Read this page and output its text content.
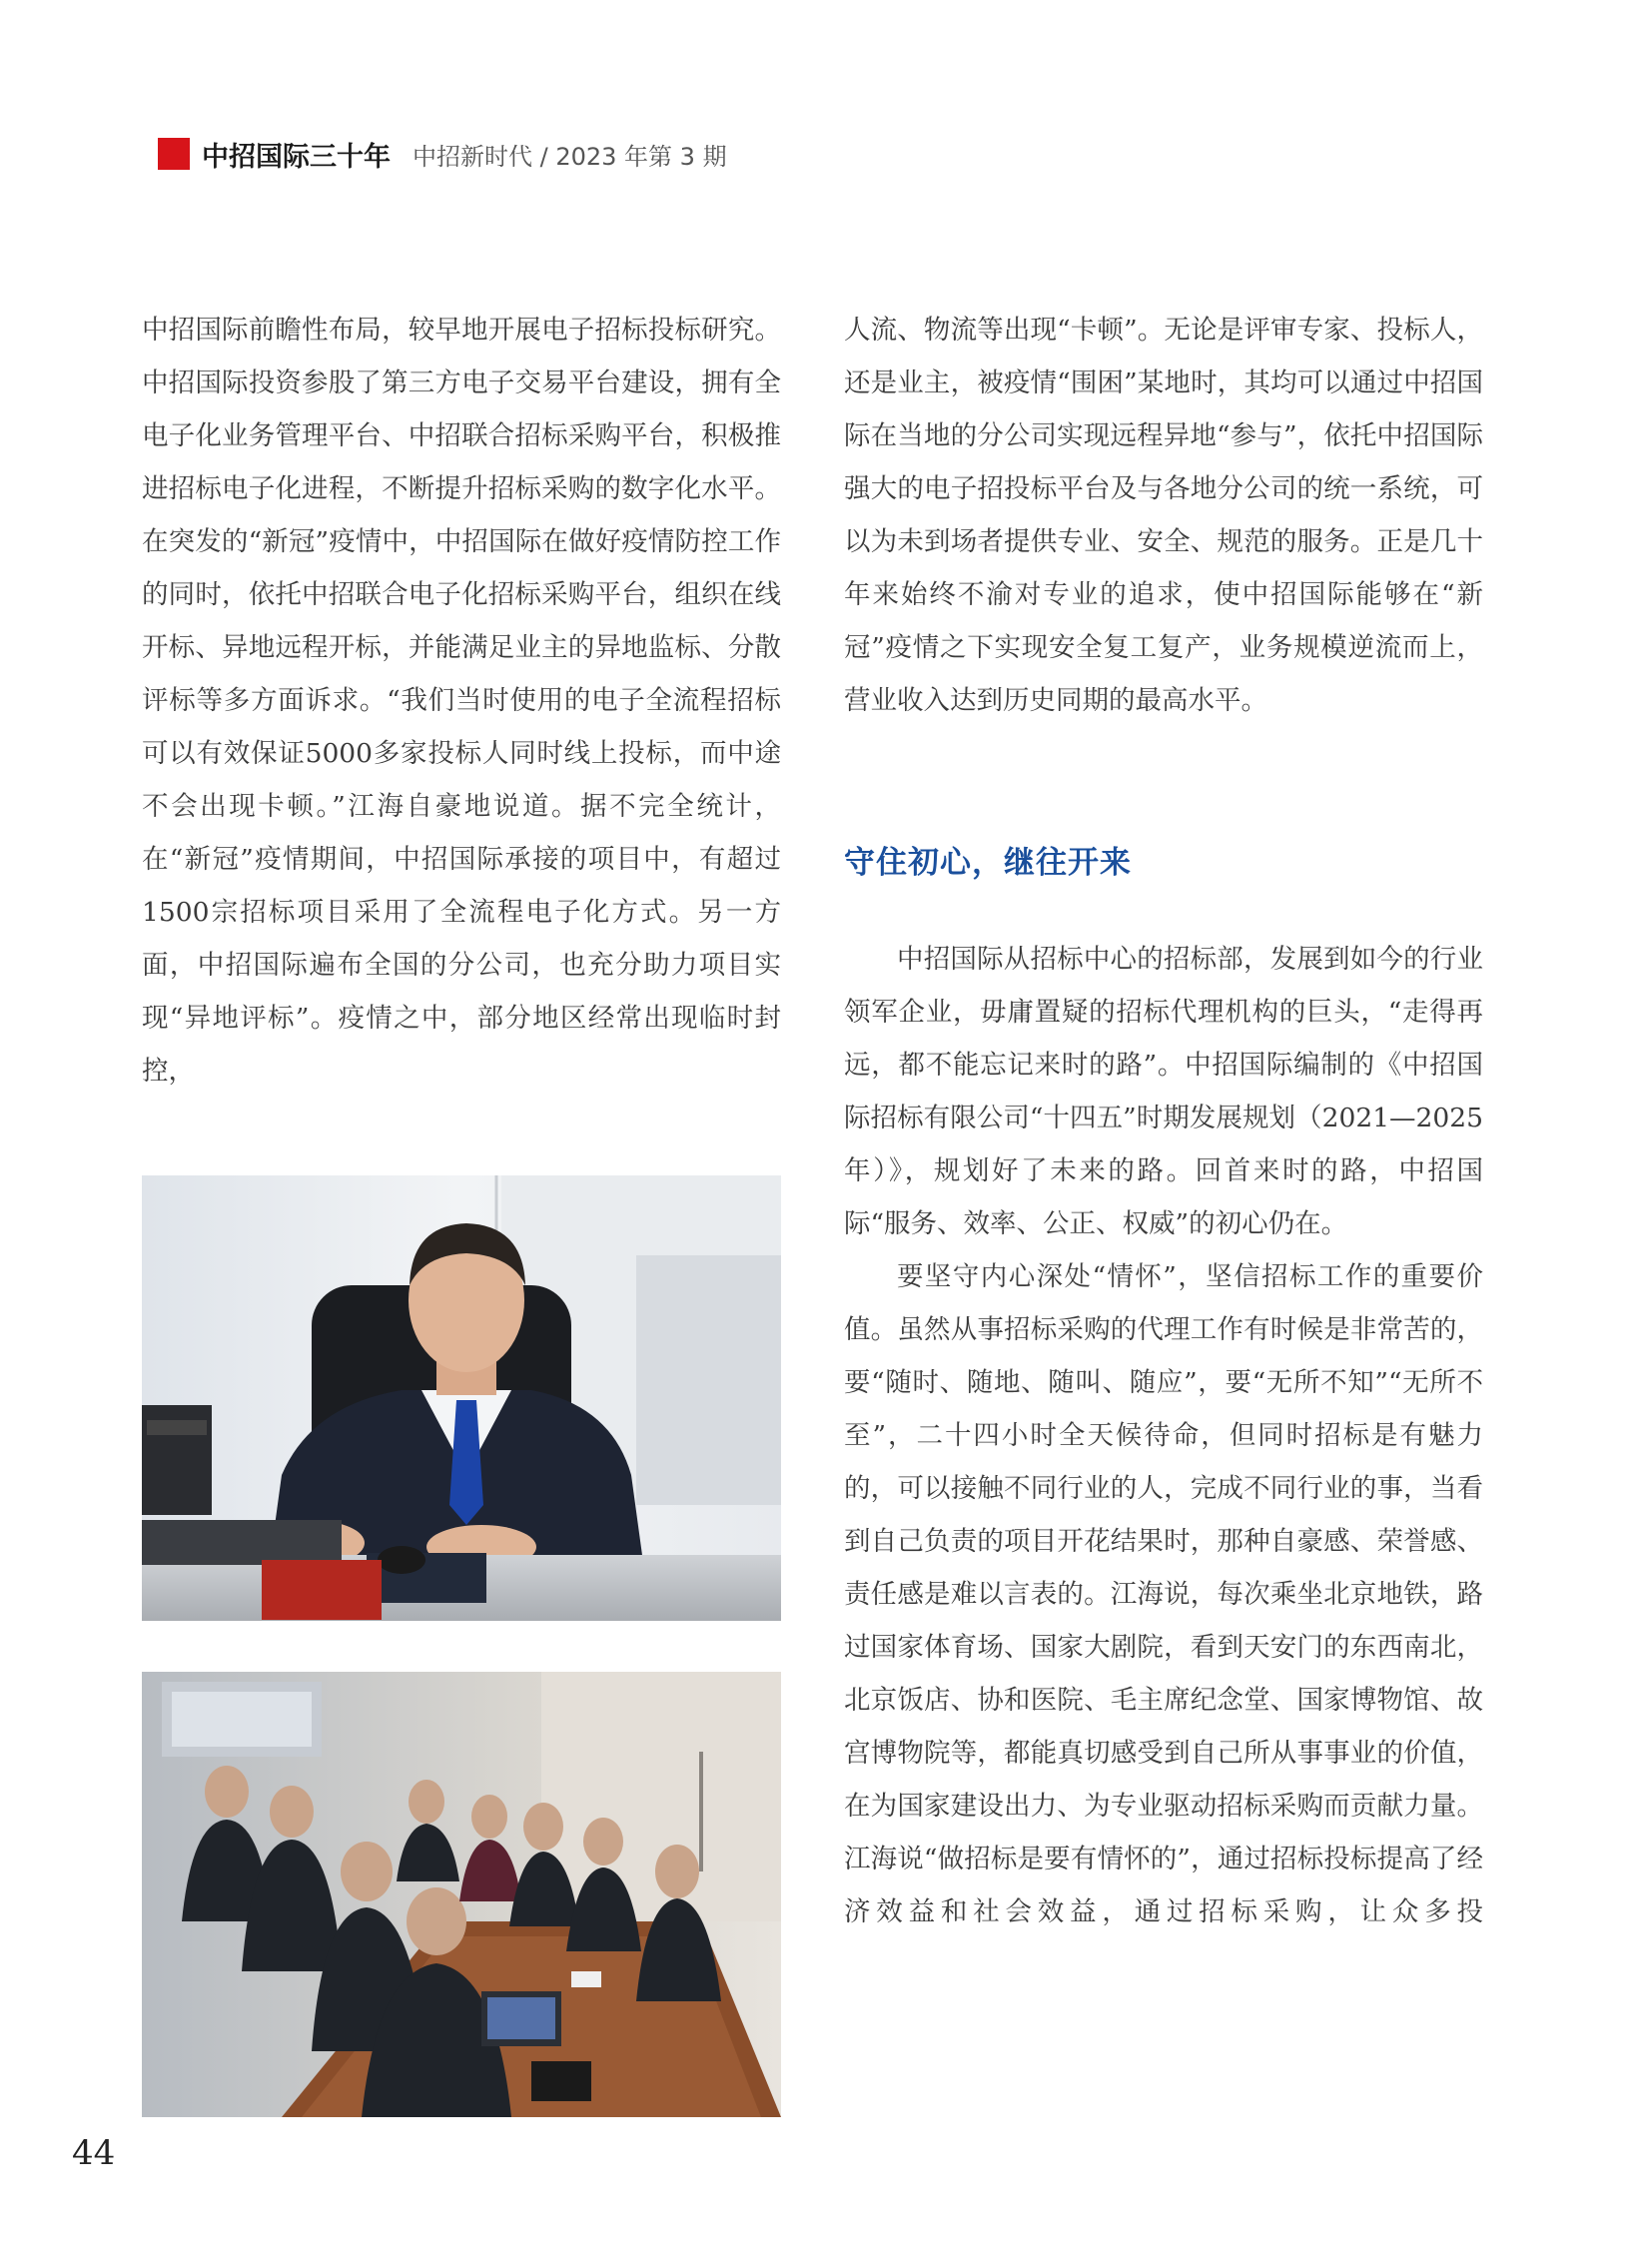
中招国际三十年 中招新时代 / 2023 年第 3 期

中招国际前瞻性布局，较早地开展电子招标投标研究。中招国际投资参股了第三方电子交易平台建设，拥有全电子化业务管理平台、中招联合招标采购平台，积极推进招标电子化进程，不断提升招标采购的数字化水平。在突发的“新冠”疫情中，中招国际在做好疫情防控工作的同时，依托中招联合电子化招标采购平台，组织在线开标、异地远程开标，并能满足业主的异地监标、分散评标等多方面诉求。“我们当时使用的电子全流程招标可以有效保证5000多家投标人同时线上投标，而中途不会出现卡顿。”江海自豪地说道。据不完全统计，在“新冠”疫情期间，中招国际承接的项目中，有超过1500宗招标项目采用了全流程电子化方式。另一方面，中招国际遍布全国的分公司，也充分助力项目实现“异地评标”。疫情之中，部分地区经常出现临时封控，

人流、物流等出现“卡顿”。无论是评审专家、投标人，还是业主，被疫情“围困”某地时，其均可以通过中招国际在当地的分公司实现远程异地“参与”，依托中招国际强大的电子招投标平台及与各地分公司的统一系统，可以为未到场者提供专业、安全、规范的服务。正是几十年来始终不渝对专业的追求，使中招国际能够在“新冠”疫情之下实现安全复工复产，业务规模逆流而上，营业收入达到历史同期的最高水平。

守住初心，继往开来

中招国际从招标中心的招标部，发展到如今的行业领军企业，毋庸置疑的招标代理机构的巨头，“走得再远，都不能忘记来时的路”。中招国际编制的《中招国际招标有限公司“十四五”时期发展规划（2021—2025年）》，规划好了未来的路。回首来时的路，中招国际“服务、效率、公正、权威”的初心仍在。

要坚守内心深处“情怀”，坚信招标工作的重要价值。虽然从事招标采购的代理工作有时候是非常苦的，要“随时、随地、随叫、随应”，要“无所不知”“无所不至”，二十四小时全天候待命，但同时招标是有魅力的，可以接触不同行业的人，完成不同行业的事，当看到自己负责的项目开花结果时，那种自豪感、荣誉感、责任感是难以言表的。江海说，每次乘坐北京地铁，路过国家体育场、国家大剧院，看到天安门的东西南北，北京饭店、协和医院、毛主席纪念堂、国家博物馆、故宫博物院等，都能真切感受到自己所从事事业的价值，在为国家建设出力、为专业驱动招标采购而贡献力量。江海说“做招标是要有情怀的”，通过招标投标提高了经济效益和社会效益，通过招标采购，让众多投

44
